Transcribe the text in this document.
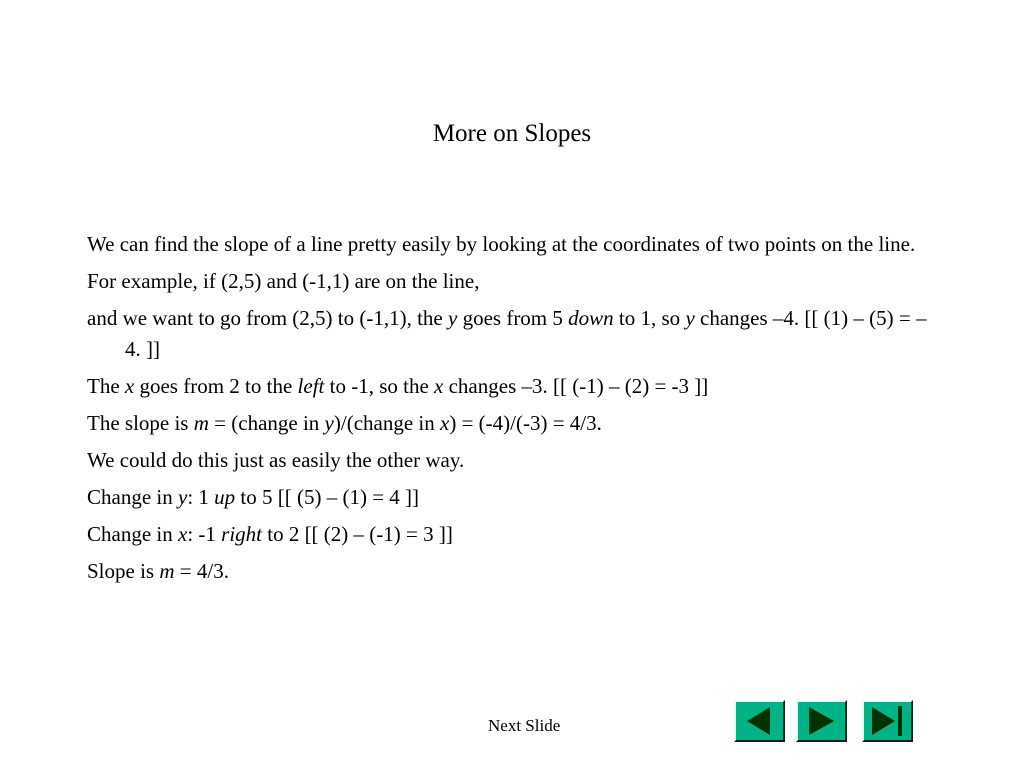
More on Slopes

We can find the slope of a line pretty easily by looking at the coordinates of two points on the line.

For example, if (2,5) and (-1,1) are on the line,

and we want to go from (2,5) to (-1,1), the y goes from 5 down to 1, so y changes –4. [[ (1) – (5) = –4. ]]

The x goes from 2 to the left to -1, so the x changes –3. [[ (-1) – (2) = -3 ]]

The slope is m = (change in y)/(change in x) = (-4)/(-3) = 4/3.

We could do this just as easily the other way.

Change in y: 1 up to 5 [[ (5) – (1) = 4 ]]

Change in x: -1 right to 2 [[ (2) – (-1) = 3 ]]

Slope is m = 4/3.

Next Slide
